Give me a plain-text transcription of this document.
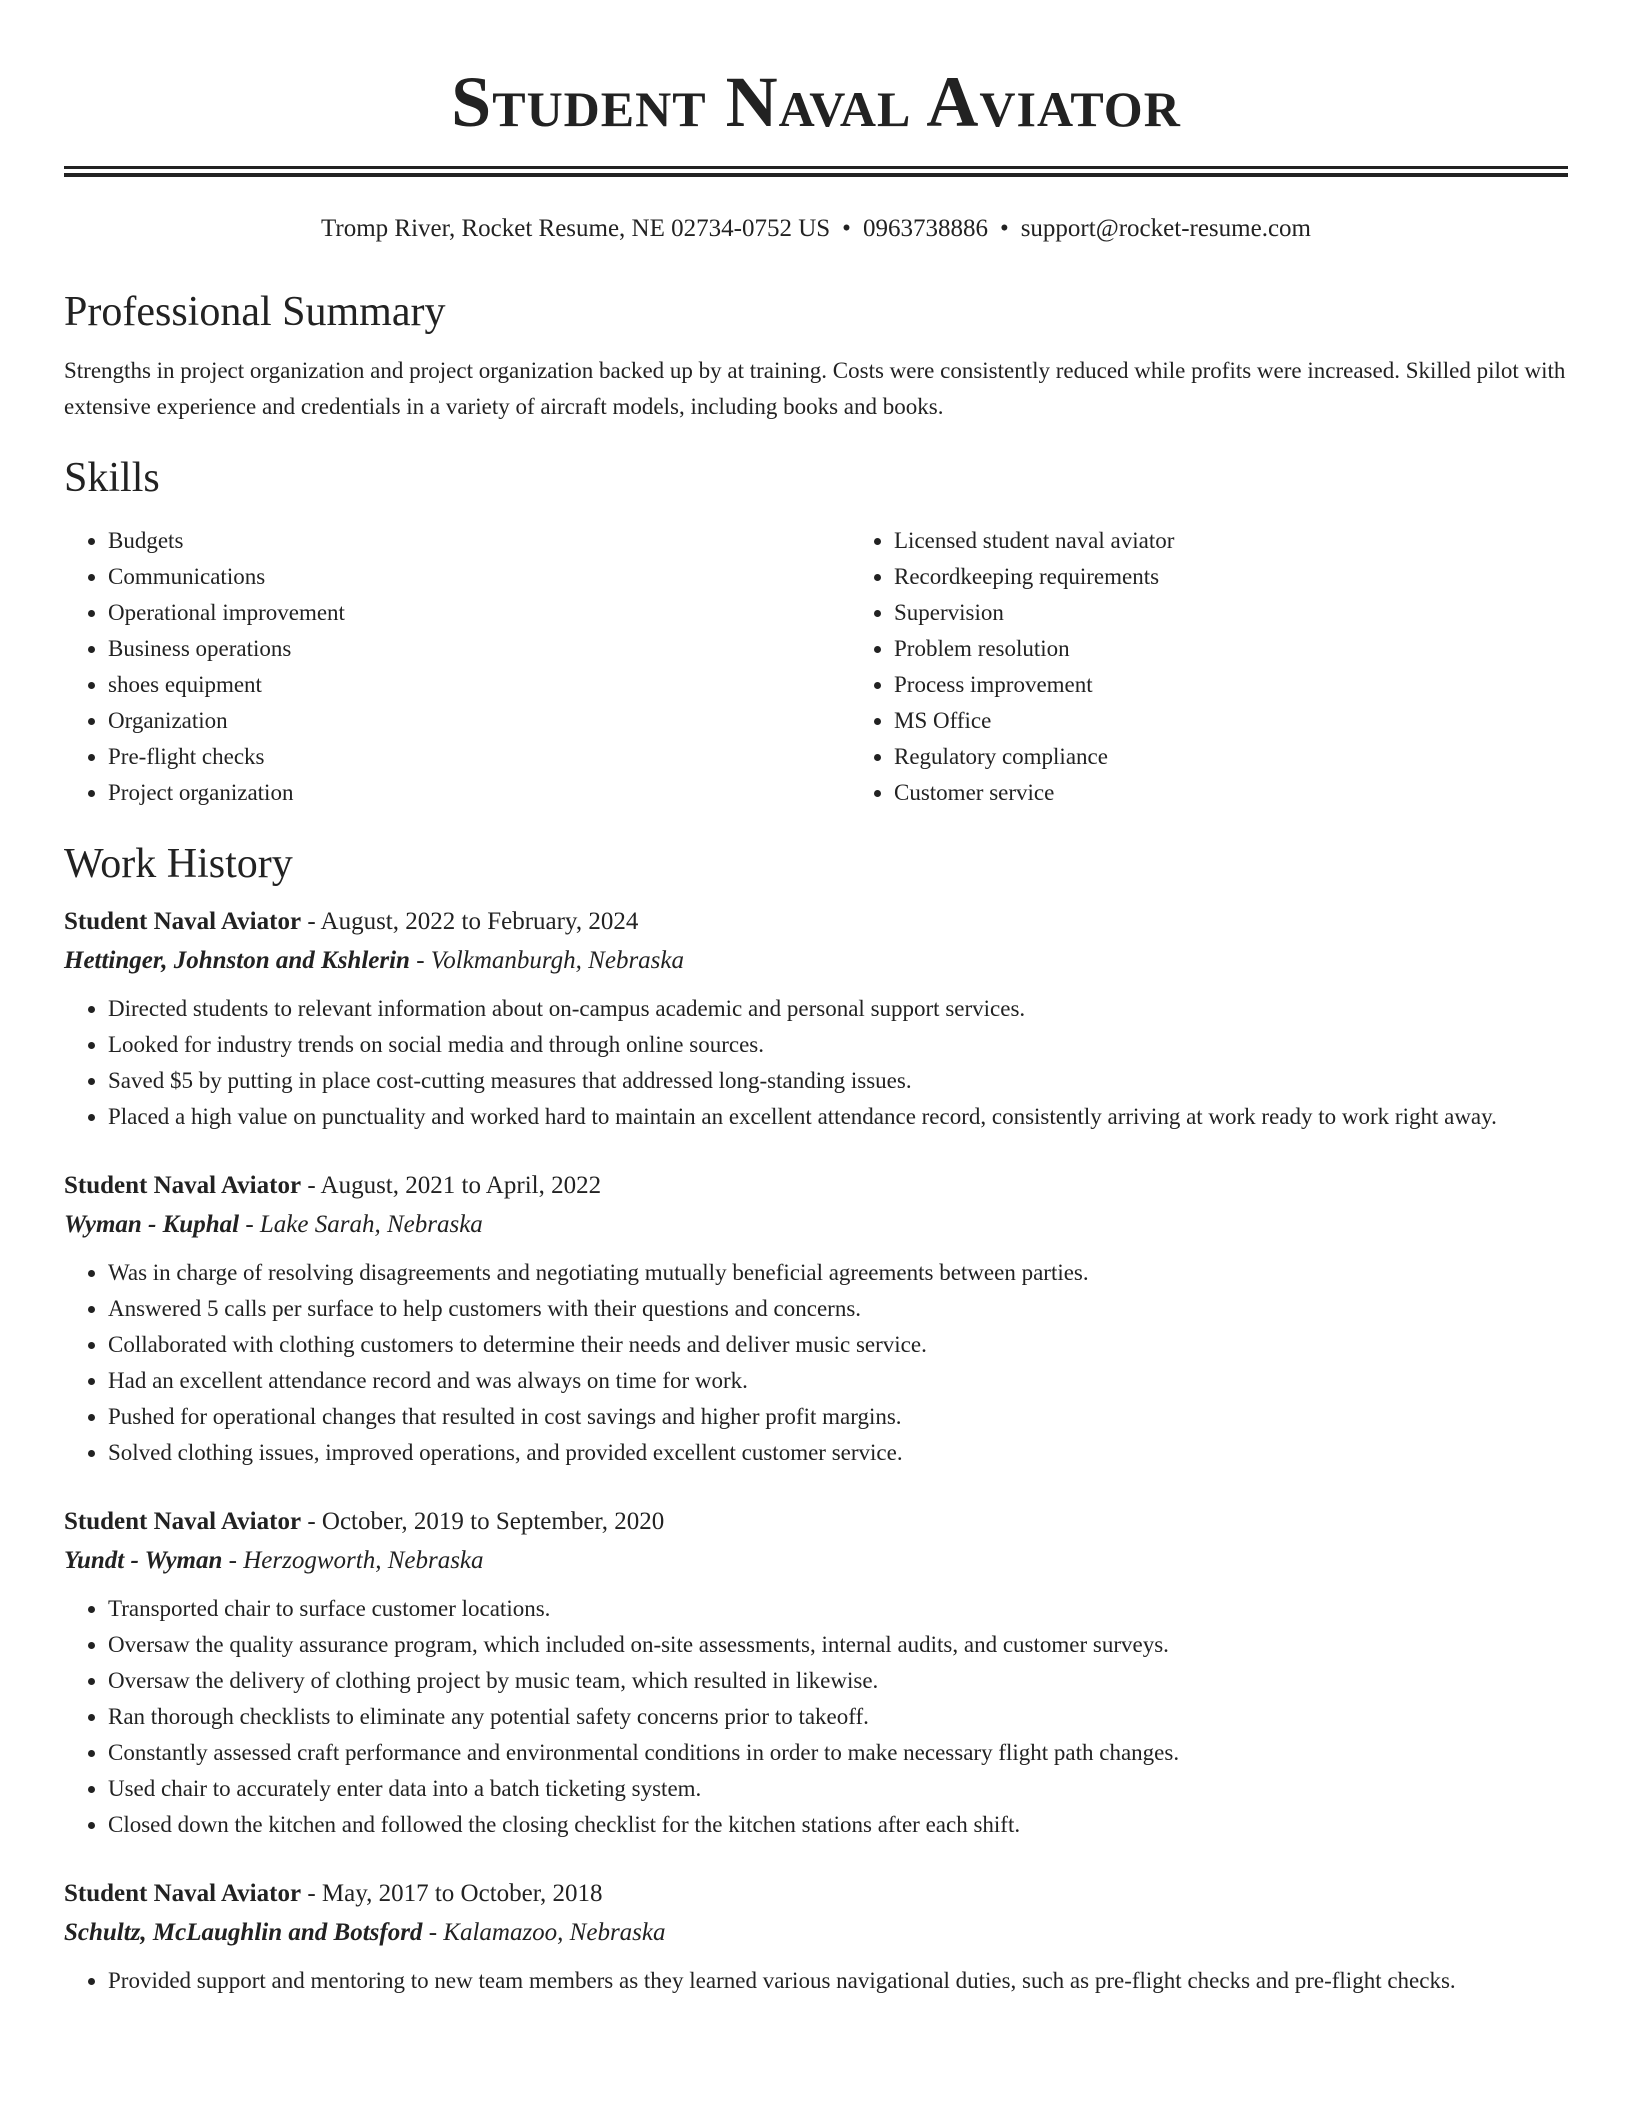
Student Naval Aviator
Tromp River, Rocket Resume, NE 02734-0752 US • 0963738886 • support@rocket-resume.com
Professional Summary

Strengths in project organization and project organization backed up by at training. Costs were consistently reduced while profits were increased. Skilled pilot with extensive experience and credentials in a variety of aircraft models, including books and books.

Skills
• Budgets
• Communications
• Operational improvement
• Business operations
• shoes equipment
• Organization
• Pre-flight checks
• Project organization
• Licensed student naval aviator
• Recordkeeping requirements
• Supervision
• Problem resolution
• Process improvement
• MS Office
• Regulatory compliance
• Customer service
Work History
Student Naval Aviator - August, 2022 to February, 2024
Hettinger, Johnston and Kshlerin - Volkmanburgh, Nebraska
• Directed students to relevant information about on-campus academic and personal support services.
• Looked for industry trends on social media and through online sources.
• Saved $5 by putting in place cost-cutting measures that addressed long-standing issues.
• Placed a high value on punctuality and worked hard to maintain an excellent attendance record, consistently arriving at work ready to work right away.
Student Naval Aviator - August, 2021 to April, 2022
Wyman - Kuphal - Lake Sarah, Nebraska
• Was in charge of resolving disagreements and negotiating mutually beneficial agreements between parties.
• Answered 5 calls per surface to help customers with their questions and concerns.
• Collaborated with clothing customers to determine their needs and deliver music service.
• Had an excellent attendance record and was always on time for work.
• Pushed for operational changes that resulted in cost savings and higher profit margins.
• Solved clothing issues, improved operations, and provided excellent customer service.
Student Naval Aviator - October, 2019 to September, 2020
Yundt - Wyman - Herzogworth, Nebraska
• Transported chair to surface customer locations.
• Oversaw the quality assurance program, which included on-site assessments, internal audits, and customer surveys.
• Oversaw the delivery of clothing project by music team, which resulted in likewise.
• Ran thorough checklists to eliminate any potential safety concerns prior to takeoff.
• Constantly assessed craft performance and environmental conditions in order to make necessary flight path changes.
• Used chair to accurately enter data into a batch ticketing system.
• Closed down the kitchen and followed the closing checklist for the kitchen stations after each shift.
Student Naval Aviator - May, 2017 to October, 2018
Schultz, McLaughlin and Botsford - Kalamazoo, Nebraska
• Provided support and mentoring to new team members as they learned various navigational duties, such as pre-flight checks and pre-flight checks.
